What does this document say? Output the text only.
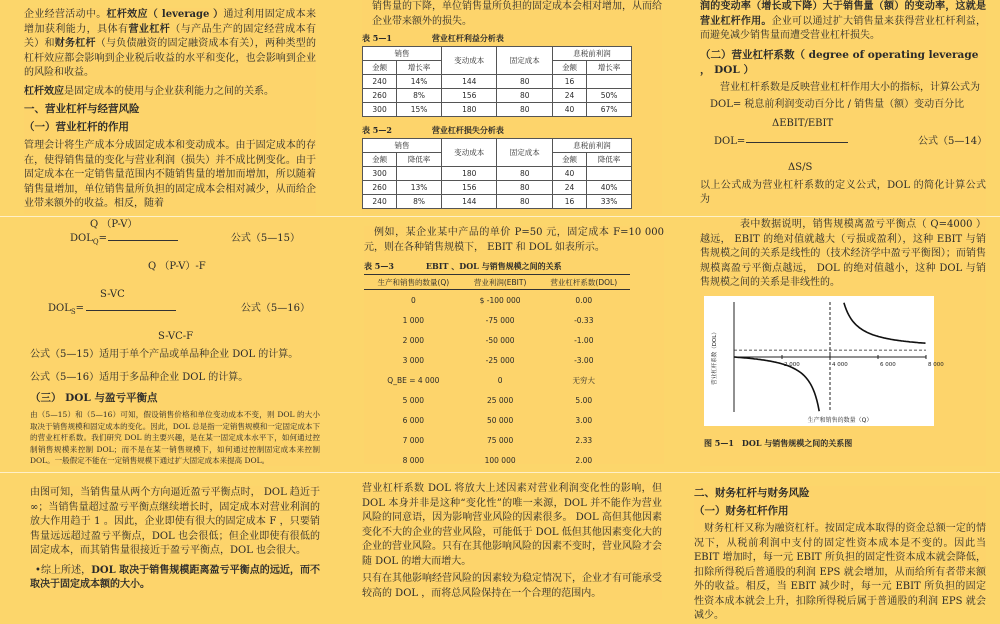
企业经营活动中。杠杆效应（ leverage ）通过利用固定成本来增加获利能力，具体有营业杠杆（与产品生产的固定经营成本有关）和财务杠杆（与负债融资的固定融资成本有关），两种类型的杠杆效应都会影响到企业税后收益的水平和变化，也会影响到企业的风险和收益。

杠杆效应是固定成本的使用与企业获利能力之间的关系。

一、营业杠杆与经营风险

（一）营业杠杆的作用

管理会计将生产成本分成固定成本和变动成本。由于固定成本的存在，使得销售量的变化与营业利润（损失）并不成比例变化。由于固定成本在一定销售量范围内不随销售量的增加而增加，所以随着销售量增加，单位销售量所负担的固定成本会相对减少，从而给企业带来额外的收益。相反，随着

销售量的下降，单位销售量所负担的固定成本会相对增加，从而给企业带来额外的损失。

表 5—1　　　　　营业杠杆利益分析表
销售		变动成本	固定成本	息税前利润	
金额	增长率			金额	增长率
240	14%	144	80	16	
260	8%	156	80	24	50%
300	15%	180	80	40	67%
表 5—2　　　　　营业杠杆损失分析表
销售		变动成本	固定成本	息税前利润	
金额	降低率			金额	降低率
300		180	80	40	
260	13%	156	80	24	40%
240	8%	144	80	16	33%

润的变动率（增长或下降）大于销售量（额）的变动率，这就是营业杠杆作用。企业可以通过扩大销售量来获得营业杠杆利益，而避免减少销售量而遭受营业杠杆损失。

（二）营业杠杆系数（ degree of operating leverage ， DOL ）

营业杠杆系数是反映营业杠杆作用大小的指标，计算公式为

DOL= 税息前利润变动百分比 / 销售量（额）变动百分比

ΔEBIT/EBIT
DOL=	公式（5—14）
ΔS/S

以上公式成为营业杠杆系数的定义公式，DOL 的简化计算公式为

Q （P-V）
$DOL_Q=$	公式（5—15）
Q （P-V）-F
S-VC
$DOL_S=$	公式（5—16）
S-VC-F

公式（5—15）适用于单个产品或单品种企业 DOL 的计算。

公式（5—16）适用于多品种企业 DOL 的计算。

（三） DOL 与盈亏平衡点

由（5—15）和（5—16）可知，假设销售价格和单位变动成本不变，则 DOL 的大小取决于销售规模和固定成本的变化。因此，DOL 总是指一定销售规模和一定固定成本下的营业杠杆系数。我们研究 DOL 的主要兴趣，是在某一固定成本水平下，如何通过控制销售规模来控制 DOL；而不是在某一销售规模下，如何通过控制固定成本来控制 DOL。一般假定不能在一定销售规模下通过扩大固定成本来提高 DOL。

例如，某企业某中产品的单价 P=50 元，固定成本 F=10 000 元，则在各种销售规模下， EBIT 和 DOL 如表所示。

表 5—3　　　　EBIT 、DOL 与销售规模之间的关系
生产和销售的数量(Q)	营业利润(EBIT)	营业杠杆系数(DOL)
0	$ -100 000	0.00
1 000	-75 000	-0.33
2 000	-50 000	-1.00
3 000	-25 000	-3.00
Q_BE = 4 000	0	无穷大
5 000	25 000	5.00
6 000	50 000	3.00
7 000	75 000	2.33
8 000	100 000	2.00

表中数据说明，销售规模离盈亏平衡点（ Q=4000 ）越远， EBIT 的绝对值就越大（亏损或盈利），这种 EBIT 与销售规模之间的关系是线性的（技术经济学中盈亏平衡图）；而销售规模离盈亏平衡点越远， DOL 的绝对值越小，这种 DOL 与销售规模之间的关系是非线性的。

2 000	4 000	6 000	8 000
营业杠杆系数（DOL）
生产和销售的数量（Q）

图 5—1　DOL 与销售规模之间的关系图

由图可知，当销售量从两个方向逼近盈亏平衡点时， DOL 趋近于∞；当销售量超过盈亏平衡点继续增长时，固定成本对营业利润的放大作用趋于 1 。因此，企业即使有很大的固定成本 F ，只要销售量远远超过盈亏平衡点，DOL 也会很低；但企业即使有很低的固定成本，而其销售量很接近于盈亏平衡点，DOL 也会很大。

•综上所述，DOL 取决于销售规模距离盈亏平衡点的远近，而不取决于固定成本额的大小。

营业杠杆系数 DOL 将放大上述因素对营业利润变化性的影响，但 DOL 本身并非是这种“变化性”的唯一来源，DOL 并不能作为营业风险的同意语，因为影响营业风险的因素很多。 DOL 高但其他因素变化不大的企业的营业风险，可能低于 DOL 低但其他因素变化大的企业的营业风险。只有在其他影响风险的因素不变时，营业风险才会随 DOL 的增大而增大。

只有在其他影响经营风险的因素较为稳定情况下，企业才有可能承受较高的 DOL ，而将总风险保持在一个合理的范围内。

二、财务杠杆与财务风险

（一）财务杠杆作用

财务杠杆又称为融资杠杆。按固定成本取得的资金总额一定的情况下，从税前利润中支付的固定性资本成本是不变的。因此当 EBIT 增加时，每一元 EBIT 所负担的固定性资本成本就会降低，扣除所得税后普通股的利润 EPS 就会增加，从而给所有者带来额外的收益。相反，当 EBIT 减少时，每一元 EBIT 所负担的固定性资本成本就会上升，扣除所得税后属于普通股的利润 EPS 就会减少。
